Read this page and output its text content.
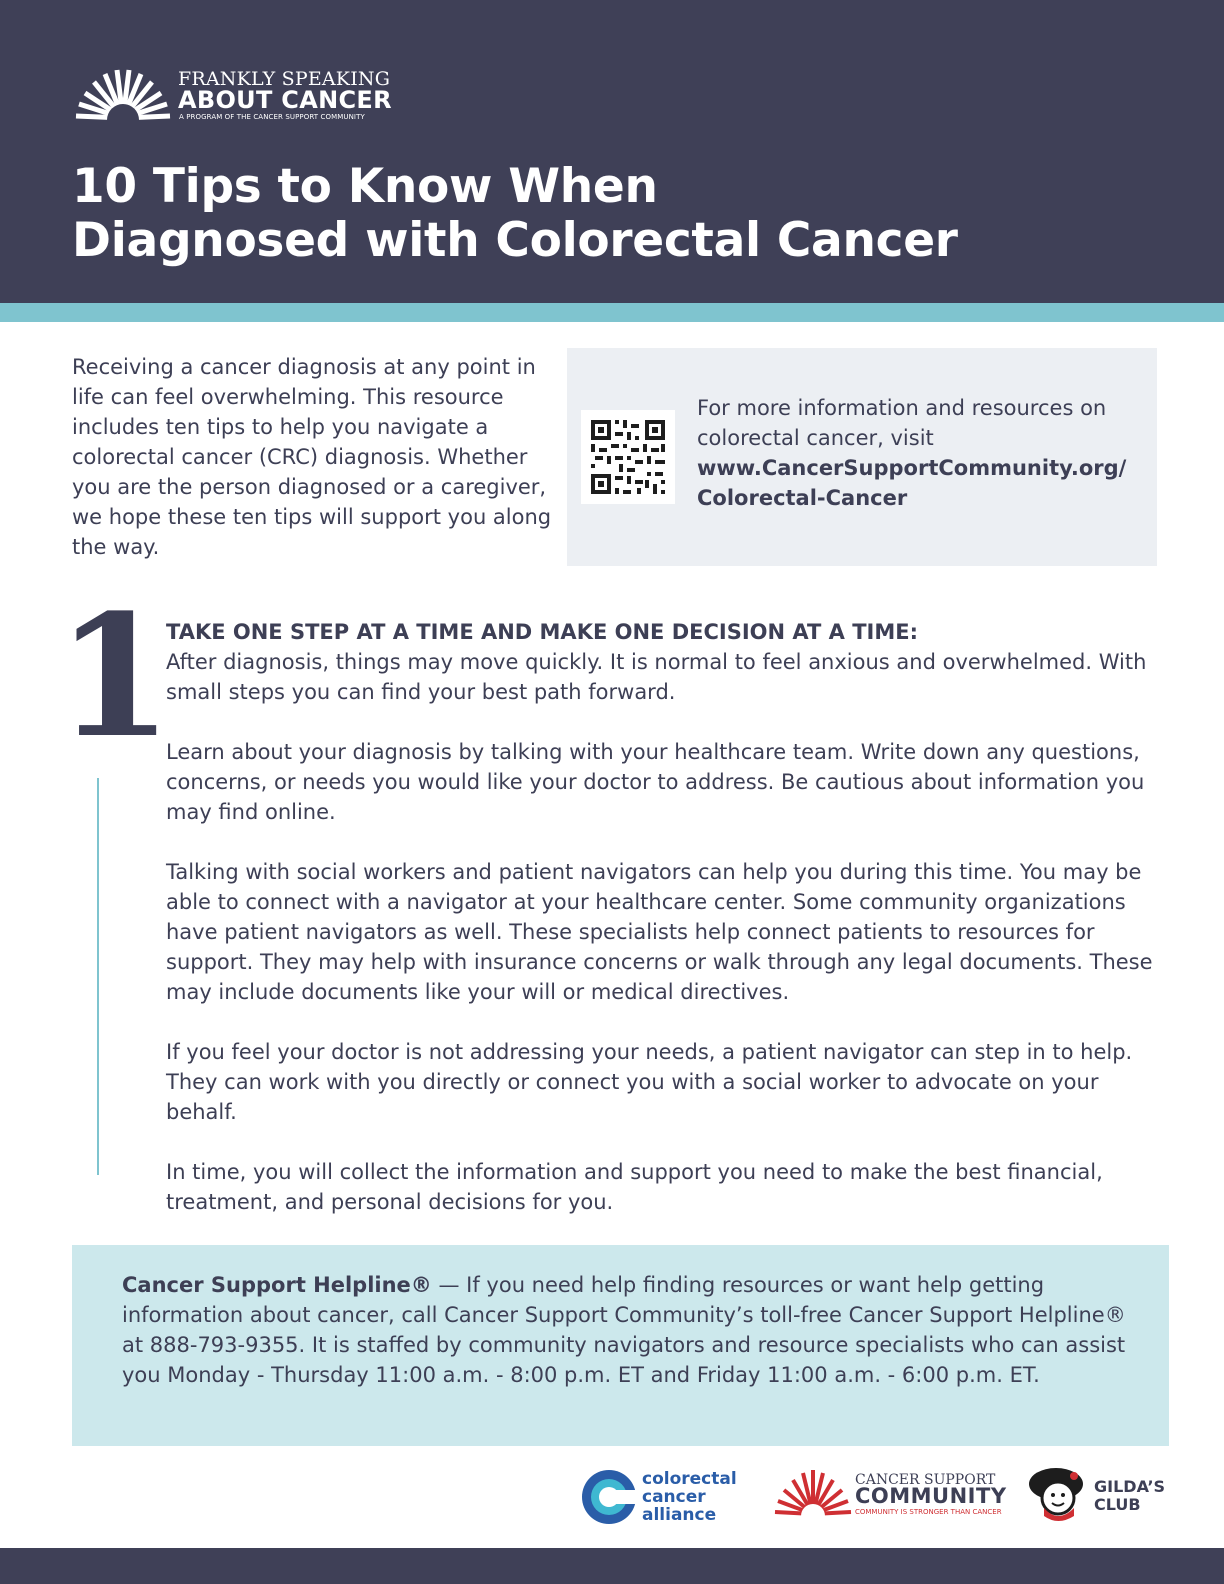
FRANKLY SPEAKING
ABOUT CANCER
A PROGRAM OF THE CANCER SUPPORT COMMUNITY
10 Tips to Know When
Diagnosed with Colorectal Cancer

Receiving a cancer diagnosis at any point in life can feel overwhelming. This resource includes ten tips to help you navigate a colorectal cancer (CRC) diagnosis. Whether you are the person diagnosed or a caregiver, we hope these ten tips will support you along the way.

For more information and resources on colorectal cancer, visit
www.CancerSupportCommunity.org/
Colorectal-Cancer
1
TAKE ONE STEP AT A TIME AND MAKE ONE DECISION AT A TIME:

After diagnosis, things may move quickly. It is normal to feel anxious and overwhelmed. With small steps you can find your best path forward.

Learn about your diagnosis by talking with your healthcare team. Write down any questions, concerns, or needs you would like your doctor to address. Be cautious about information you may find online.

Talking with social workers and patient navigators can help you during this time. You may be able to connect with a navigator at your healthcare center. Some community organizations have patient navigators as well. These specialists help connect patients to resources for support. They may help with insurance concerns or walk through any legal documents. These may include documents like your will or medical directives.

If you feel your doctor is not addressing your needs, a patient navigator can step in to help. They can work with you directly or connect you with a social worker to advocate on your behalf.

In time, you will collect the information and support you need to make the best financial, treatment, and personal decisions for you.

Cancer Support Helpline® — If you need help finding resources or want help getting information about cancer, call Cancer Support Community’s toll-free Cancer Support Helpline® at 888-793-9355. It is staffed by community navigators and resource specialists who can assist you Monday - Thursday 11:00 a.m. - 8:00 p.m. ET and Friday 11:00 a.m. - 6:00 p.m. ET.

colorectal
cancer
alliance
CANCER SUPPORT
COMMUNITY
COMMUNITY IS STRONGER THAN CANCER
GILDA’S
CLUB
